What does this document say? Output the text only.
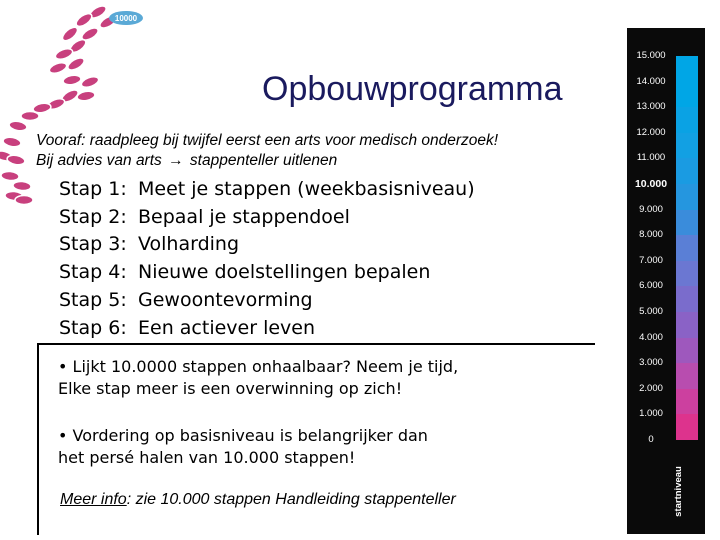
10000
Opbouwprogramma
Vooraf: raadpleeg bij twijfel eerst een arts voor medisch onderzoek!
Bij advies van arts → stappenteller uitlenen
Stap 1: Meet je stappen (weekbasisniveau)
Stap 2: Bepaal je stappendoel
Stap 3: Volharding
Stap 4: Nieuwe doelstellingen bepalen
Stap 5: Gewoontevorming
Stap 6: Een actiever leven
• Lijkt 10.0000 stappen onhaalbaar? Neem je tijd,
Elke stap meer is een overwinning op zich!
• Vordering op basisniveau is belangrijker dan
het persé halen van 10.000 stappen!
Meer info: zie 10.000 stappen Handleiding stappenteller
15.000
14.000
13.000
12.000
11.000
10.000
9.000
8.000
7.000
6.000
5.000
4.000
3.000
2.000
1.000
0
startniveau
